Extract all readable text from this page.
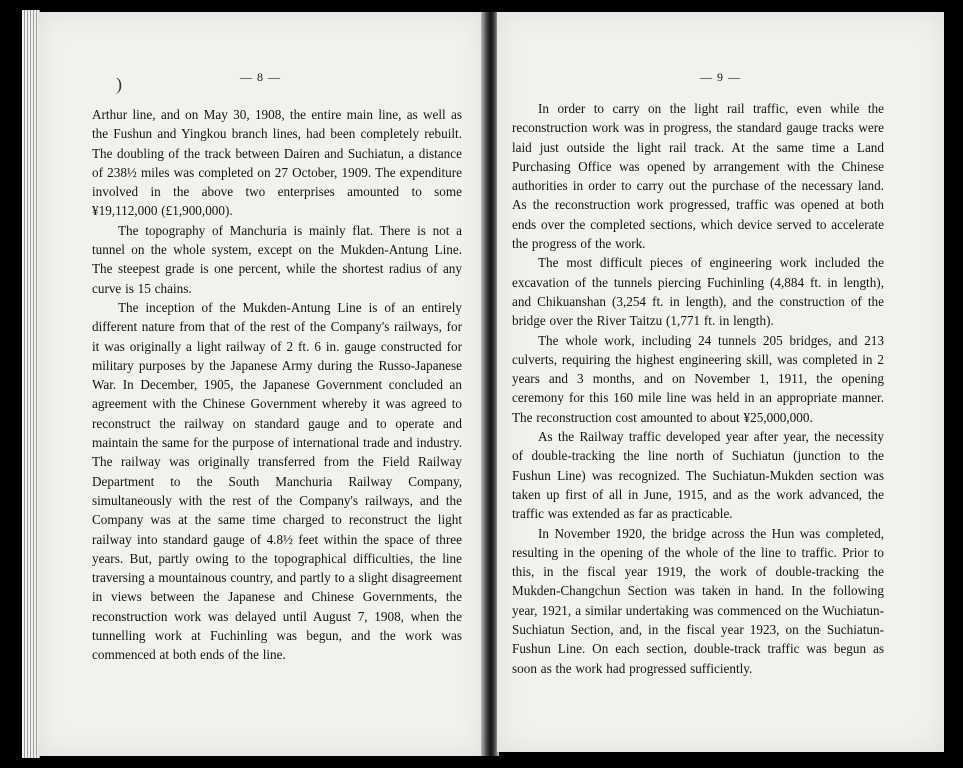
)	— 8 —

Arthur line, and on May 30, 1908, the entire main line, as well as the Fushun and Yingkou branch lines, had been completely rebuilt. The doubling of the track between Dairen and Suchiatun, a distance of 238½ miles was completed on 27 October, 1909. The expenditure involved in the above two enterprises amounted to some ¥19,112,000 (£1,900,000).

The topography of Manchuria is mainly flat. There is not a tunnel on the whole system, except on the Mukden-Antung Line. The steepest grade is one percent, while the shortest radius of any curve is 15 chains.

The inception of the Mukden-Antung Line is of an entirely different nature from that of the rest of the Company's railways, for it was originally a light railway of 2 ft. 6 in. gauge constructed for military purposes by the Japanese Army during the Russo-Japanese War. In December, 1905, the Japanese Government concluded an agreement with the Chinese Government whereby it was agreed to reconstruct the railway on standard gauge and to operate and maintain the same for the purpose of international trade and industry. The railway was originally transferred from the Field Railway Department to the South Manchuria Railway Company, simultaneously with the rest of the Company's railways, and the Company was at the same time charged to reconstruct the light railway into standard gauge of 4.8½ feet within the space of three years. But, partly owing to the topographical difficulties, the line traversing a mountainous country, and partly to a slight disagreement in views between the Japanese and Chinese Governments, the reconstruction work was delayed until August 7, 1908, when the tunnelling work at Fuchinling was begun, and the work was commenced at both ends of the line.

— 9 —

In order to carry on the light rail traffic, even while the reconstruction work was in progress, the standard gauge tracks were laid just outside the light rail track. At the same time a Land Purchasing Office was opened by arrangement with the Chinese authorities in order to carry out the purchase of the necessary land. As the reconstruction work progressed, traffic was opened at both ends over the completed sections, which device served to accelerate the progress of the work.

The most difficult pieces of engineering work included the excavation of the tunnels piercing Fuchinling (4,884 ft. in length), and Chikuanshan (3,254 ft. in length), and the construction of the bridge over the River Taitzu (1,771 ft. in length).

The whole work, including 24 tunnels 205 bridges, and 213 culverts, requiring the highest engineering skill, was completed in 2 years and 3 months, and on November 1, 1911, the opening ceremony for this 160 mile line was held in an appropriate manner. The reconstruction cost amounted to about ¥25,000,000.

As the Railway traffic developed year after year, the necessity of double-tracking the line north of Suchiatun (junction to the Fushun Line) was recognized. The Suchiatun-Mukden section was taken up first of all in June, 1915, and as the work advanced, the traffic was extended as far as practicable.

In November 1920, the bridge across the Hun was completed, resulting in the opening of the whole of the line to traffic. Prior to this, in the fiscal year 1919, the work of double-tracking the Mukden-Changchun Section was taken in hand. In the following year, 1921, a similar undertaking was commenced on the Wuchiatun-Suchiatun Section, and, in the fiscal year 1923, on the Suchiatun-Fushun Line. On each section, double-track traffic was begun as soon as the work had progressed sufficiently.
